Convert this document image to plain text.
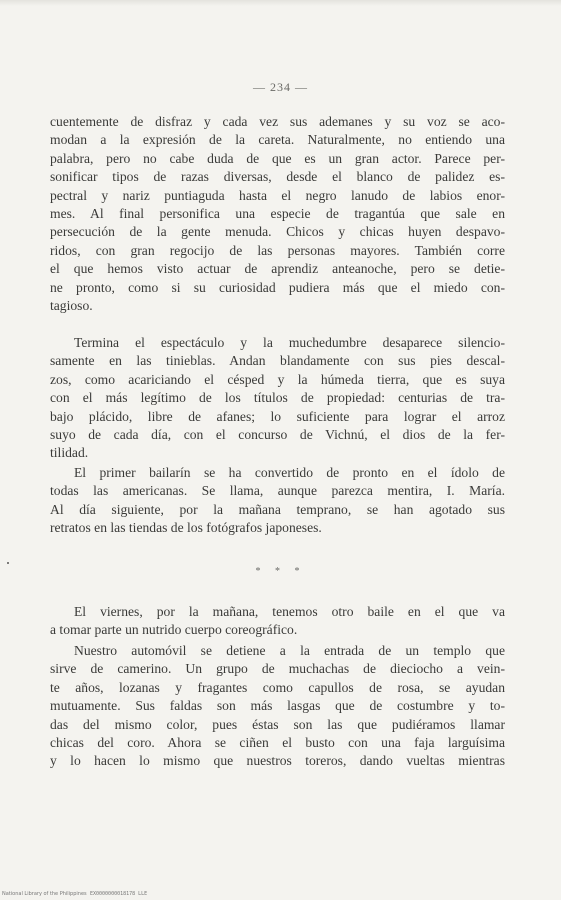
— 234 —
cuentemente de disfraz y cada vez sus ademanes y su voz se aco-
modan a la expresión de la careta. Naturalmente, no entiendo una
palabra, pero no cabe duda de que es un gran actor. Parece per-
sonificar tipos de razas diversas, desde el blanco de palidez es-
pectral y nariz puntiaguda hasta el negro lanudo de labios enor-
mes. Al final personifica una especie de tragantúa que sale en
persecución de la gente menuda. Chicos y chicas huyen despavo-
ridos, con gran regocijo de las personas mayores. También corre
el que hemos visto actuar de aprendiz anteanoche, pero se detie-
ne pronto, como si su curiosidad pudiera más que el miedo con-
tagioso.
Termina el espectáculo y la muchedumbre desaparece silencio-
samente en las tinieblas. Andan blandamente con sus pies descal-
zos, como acariciando el césped y la húmeda tierra, que es suya
con el más legítimo de los títulos de propiedad: centurias de tra-
bajo plácido, libre de afanes; lo suficiente para lograr el arroz
suyo de cada día, con el concurso de Vichnú, el dios de la fer-
tilidad.
El primer bailarín se ha convertido de pronto en el ídolo de
todas las americanas. Se llama, aunque parezca mentira, I. María.
Al día siguiente, por la mañana temprano, se han agotado sus
retratos en las tiendas de los fotógrafos japoneses.
* * *
El viernes, por la mañana, tenemos otro baile en el que va
a tomar parte un nutrido cuerpo coreográfico.
Nuestro automóvil se detiene a la entrada de un templo que
sirve de camerino. Un grupo de muchachas de dieciocho a vein-
te años, lozanas y fragantes como capullos de rosa, se ayudan
mutuamente. Sus faldas son más lasgas que de costumbre y to-
das del mismo color, pues éstas son las que pudiéramos llamar
chicas del coro. Ahora se ciñen el busto con una faja larguísima
y lo hacen lo mismo que nuestros toreros, dando vueltas mientras
National Library of the Philippines EX0000000018178 LLE
